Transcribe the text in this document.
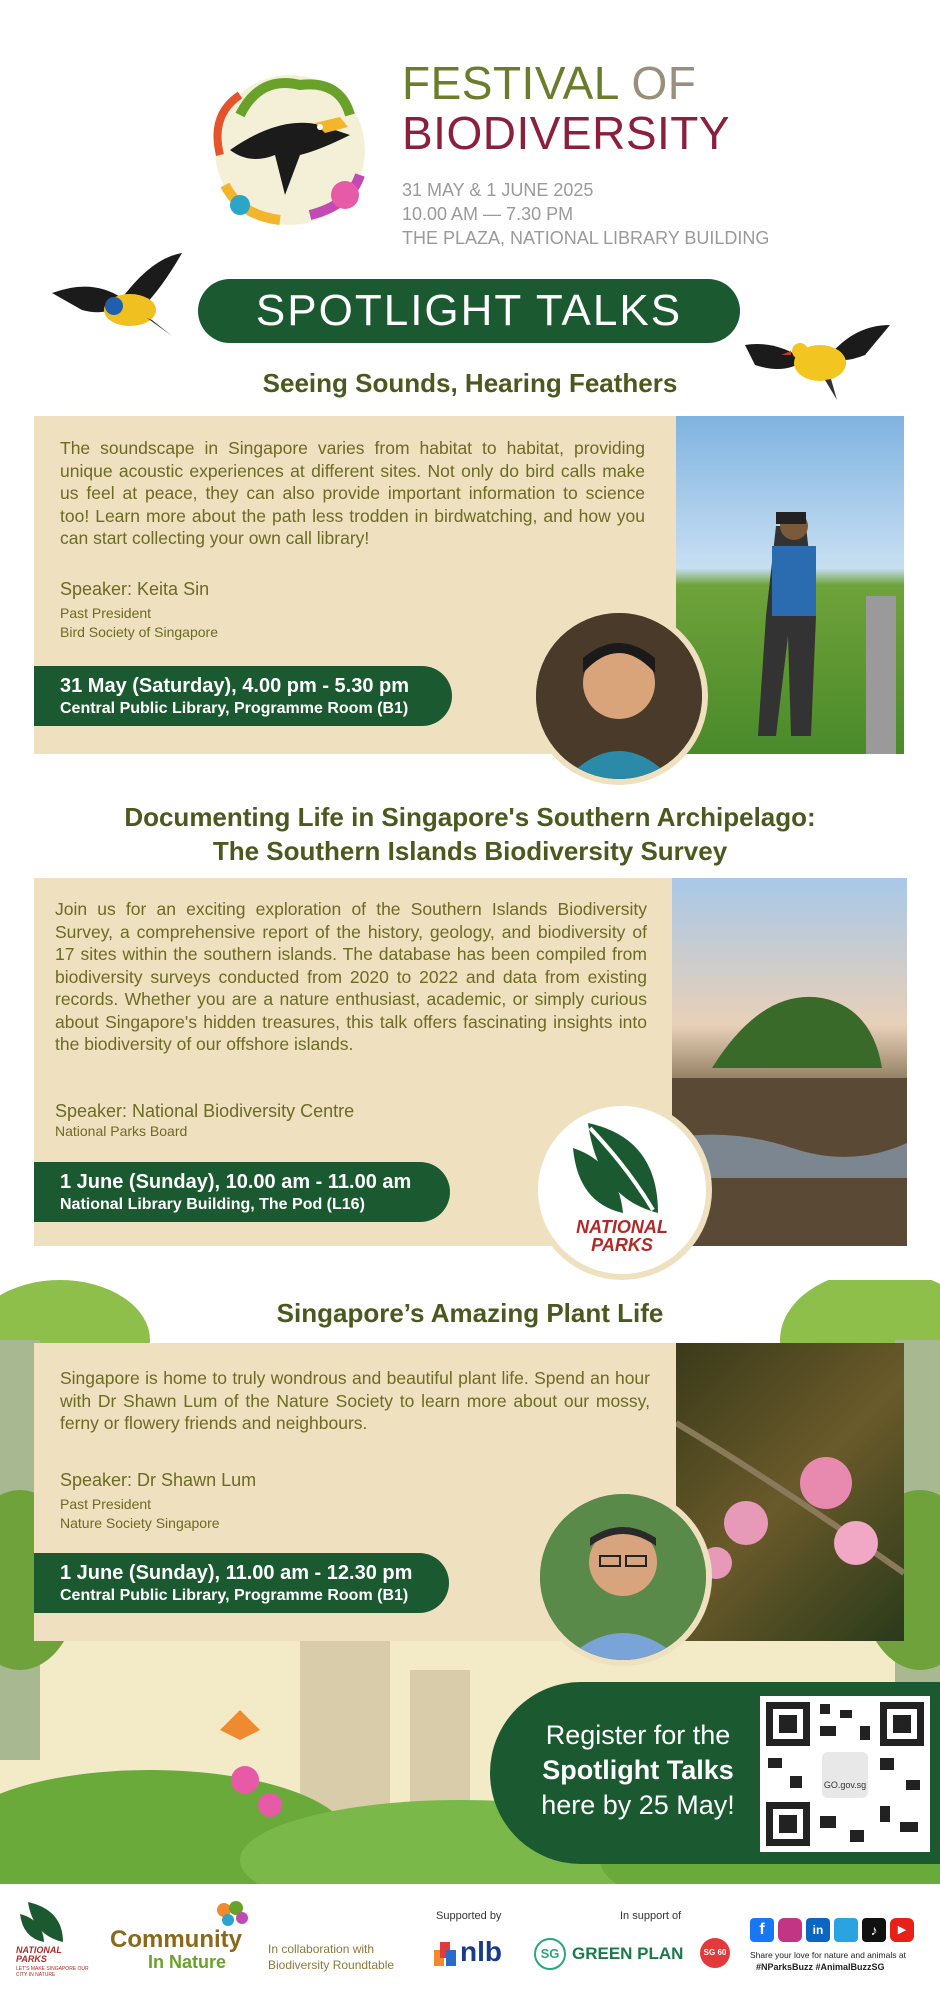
FESTIVAL OF
BIODIVERSITY
31 MAY & 1 JUNE 2025
10.00 AM — 7.30 PM
THE PLAZA, NATIONAL LIBRARY BUILDING
SPOTLIGHT TALKS
Seeing Sounds, Hearing Feathers
The soundscape in Singapore varies from habitat to habitat, providing unique acoustic experiences at different sites. Not only do bird calls make us feel at peace, they can also provide important information to science too! Learn more about the path less trodden in birdwatching, and how you can start collecting your own call library!
Speaker: Keita Sin
Past President
Bird Society of Singapore
31 May (Saturday), 4.00 pm - 5.30 pm
Central Public Library, Programme Room (B1)
Documenting Life in Singapore's Southern Archipelago:
The Southern Islands Biodiversity Survey
Join us for an exciting exploration of the Southern Islands Biodiversity Survey, a comprehensive report of the history, geology, and biodiversity of 17 sites within the southern islands. The database has been compiled from biodiversity surveys conducted from 2020 to 2022 and data from existing records. Whether you are a nature enthusiast, academic, or simply curious about Singapore's hidden treasures, this talk offers fascinating insights into the biodiversity of our offshore islands.
Speaker: National Biodiversity Centre
National Parks Board
1 June (Sunday), 10.00 am - 11.00 am
National Library Building, The Pod (L16)
NATIONAL
PARKS
Singapore’s Amazing Plant Life
Singapore is home to truly wondrous and beautiful plant life. Spend an hour with Dr Shawn Lum of the Nature Society to learn more about our mossy, ferny or flowery friends and neighbours.
Speaker: Dr Shawn Lum
Past President
Nature Society Singapore
1 June (Sunday), 11.00 am - 12.30 pm
Central Public Library, Programme Room (B1)
Register for the
Spotlight Talks
here by 25 May!
GO.gov.sg
NATIONAL
PARKS
LET'S MAKE SINGAPORE OUR CITY IN NATURE
Community
In Nature
In collaboration with
Biodiversity Roundtable
Supported by
nlb
In support of
SG GREEN PLAN	SG 60
f	in	♪	▶
Share your love for nature and animals at
#NParksBuzz #AnimalBuzzSG
